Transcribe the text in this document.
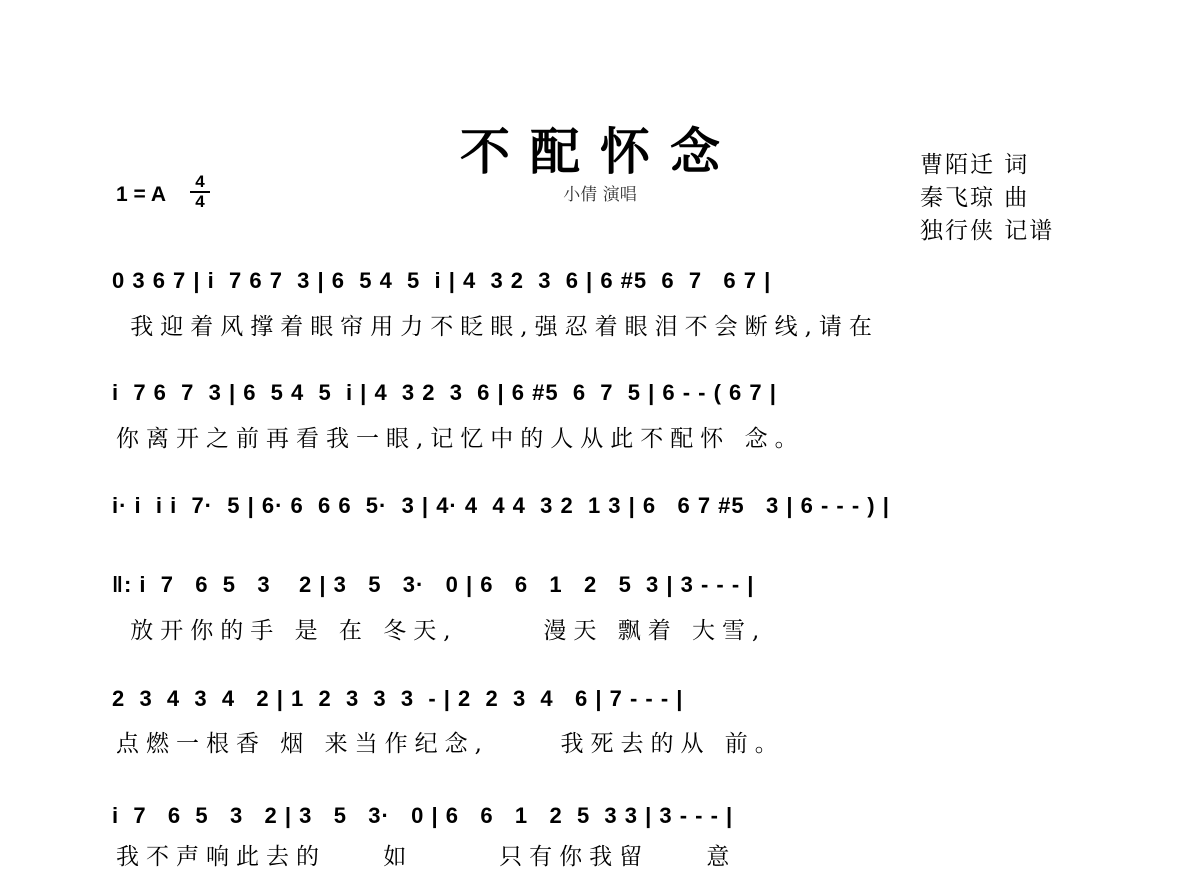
不配怀念
小倩 演唱
曹陌迁 词
秦飞琼 曲
独行侠 记谱
1 = A
4
4
0 3 6 7 | i  7 6 7  3 | 6  5 4  5  i | 4  3 2  3  6 | 6 #5  6  7   6 7 |
我迎着风撑着眼帘用力不眨眼,强忍着眼泪不会断线,请在
i  7 6  7  3 | 6  5 4  5  i | 4  3 2  3  6 | 6 #5  6  7  5 | 6 - - ( 6 7 |
你离开之前再看我一眼,记忆中的人从此不配怀 念。
i· i  i i  7·  5 | 6· 6  6 6  5·  3 | 4· 4  4 4  3 2  1 3 | 6   6 7 #5   3 | 6 - - - ) |
‖: i  7   6  5   3    2 | 3   5   3·   0 | 6   6   1   2   5  3 | 3 - - - |
放开你的手 是 在 冬天,      漫天 飘着 大雪,
2  3  4  3  4   2 | 1  2  3  3  3  - | 2  2  3  4   6 | 7 - - - |
点燃一根香 烟 来当作纪念,     我死去的从 前。
i  7   6  5   3   2 | 3   5   3·   0 | 6   6   1   2  5  3 3 | 3 - - - |
我不声响此去的    如      只有你我留    意
